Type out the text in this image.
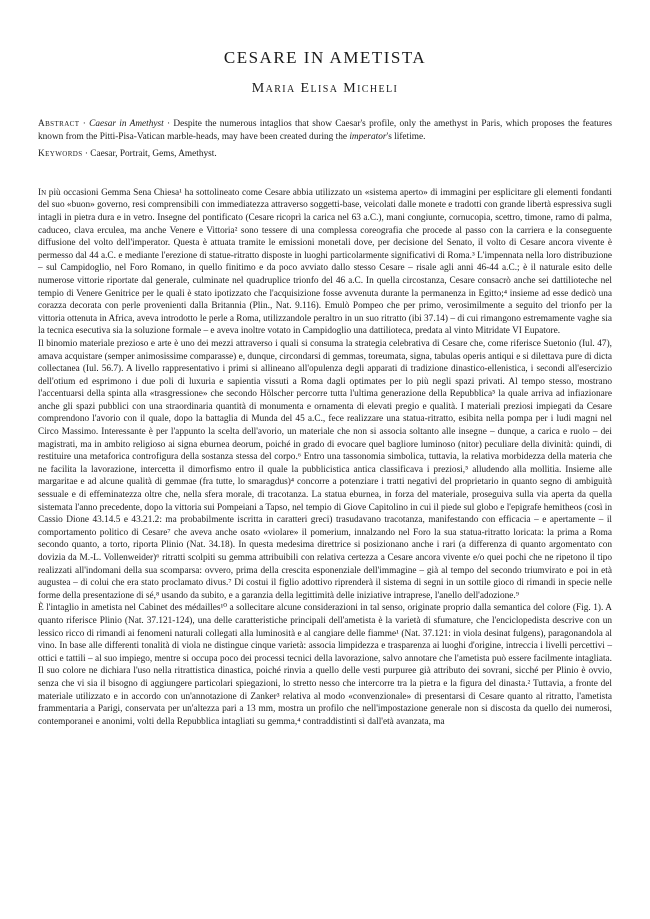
CESARE IN AMETISTA
Maria Elisa Micheli
Abstract · Caesar in Amethyst · Despite the numerous intaglios that show Caesar's profile, only the amethyst in Paris, which proposes the features known from the Pitti-Pisa-Vatican marble-heads, may have been created during the imperator's lifetime.
Keywords · Caesar, Portrait, Gems, Amethyst.

In più occasioni Gemma Sena Chiesa¹ ha sottolineato come Cesare abbia utilizzato un «sistema aperto» di immagini per esplicitare gli elementi fondanti del suo «buon» governo, resi comprensibili con immediatezza attraverso soggetti-base, veicolati dalle monete e tradotti con grande libertà espressiva sugli intagli in pietra dura e in vetro. Insegne del pontificato (Cesare ricoprì la carica nel 63 a.C.), mani congiunte, cornucopia, scettro, timone, ramo di palma, caduceo, clava erculea, ma anche Venere e Vittoria² sono tessere di una complessa coreografia che procede al passo con la carriera e la conseguente diffusione del volto dell'imperator. Questa è attuata tramite le emissioni monetali dove, per decisione del Senato, il volto di Cesare ancora vivente è permesso dal 44 a.C. e mediante l'erezione di statue-ritratto disposte in luoghi particolarmente significativi di Roma.³ L'impennata nella loro distribuzione – sul Campidoglio, nel Foro Romano, in quello finitimo e da poco avviato dallo stesso Cesare – risale agli anni 46-44 a.C.; è il naturale esito delle numerose vittorie riportate dal generale, culminate nel quadruplice trionfo del 46 a.C. In quella circostanza, Cesare consacrò anche sei dattilioteche nel tempio di Venere Genitrice per le quali è stato ipotizzato che l'acquisizione fosse avvenuta durante la permanenza in Egitto;⁴ insieme ad esse dedicò una corazza decorata con perle provenienti dalla Britannia (Plin., Nat. 9.116). Emulò Pompeo che per primo, verosimilmente a seguito del trionfo per la vittoria ottenuta in Africa, aveva introdotto le perle a Roma, utilizzandole peraltro in un suo ritratto (ibi 37.14) – di cui rimangono estremamente vaghe sia la tecnica esecutiva sia la soluzione formale – e aveva inoltre votato in Campidoglio una dattilioteca, predata al vinto Mitridate VI Eupatore.

Il binomio materiale prezioso e arte è uno dei mezzi attraverso i quali si consuma la strategia celebrativa di Cesare che, come riferisce Suetonio (Iul. 47), amava acquistare (semper animosissime comparasse) e, dunque, circondarsi di gemmas, toreumata, signa, tabulas operis antiqui e si dilettava pure di dicta collectanea (Iul. 56.7). A livello rappresentativo i primi si allineano all'opulenza degli apparati di tradizione dinastico-ellenistica, i secondi all'esercizio dell'otium ed esprimono i due poli di luxuria e sapientia vissuti a Roma dagli optimates per lo più negli spazi privati. Al tempo stesso, mostrano l'accentuarsi della spinta alla «trasgressione» che secondo Hölscher percorre tutta l'ultima generazione della Repubblica⁵ la quale arriva ad infiazionare anche gli spazi pubblici con una straordinaria quantità di monumenta e ornamenta di elevati pregio e qualità. I materiali preziosi impiegati da Cesare comprendono l'avorio con il quale, dopo la battaglia di Munda del 45 a.C., fece realizzare una statua-ritratto, esibita nella pompa per i ludi magni nel Circo Massimo. Interessante è per l'appunto la scelta dell'avorio, un materiale che non si associa soltanto alle insegne – dunque, a carica e ruolo – dei magistrati, ma in ambito religioso ai signa eburnea deorum, poiché in grado di evocare quel bagliore luminoso (nitor) peculiare della divinità: quindi, di restituire una metaforica controfigura della sostanza stessa del corpo.⁶ Entro una tassonomia simbolica, tuttavia, la relativa morbidezza della materia che ne facilita la lavorazione, intercetta il dimorfismo entro il quale la pubblicistica antica classificava i preziosi,⁵ alludendo alla mollitia. Insieme alle margaritae e ad alcune qualità di gemmae (fra tutte, lo smaragdus)⁴ concorre a potenziare i tratti negativi del proprietario in quanto segno di ambiguità sessuale e di effeminatezza oltre che, nella sfera morale, di tracotanza. La statua eburnea, in forza del materiale, proseguiva sulla via aperta da quella sistemata l'anno precedente, dopo la vittoria sui Pompeiani a Tapso, nel tempio di Giove Capitolino in cui il piede sul globo e l'epigrafe hemitheos (così in Cassio Dione 43.14.5 e 43.21.2: ma probabilmente iscritta in caratteri greci) trasudavano tracotanza, manifestando con efficacia – e apertamente – il comportamento politico di Cesare⁷ che aveva anche osato «violare» il pomerium, innalzando nel Foro la sua statua-ritratto loricata: la prima a Roma secondo quanto, a torto, riporta Plinio (Nat. 34.18). In questa medesima direttrice si posizionano anche i rari (a differenza di quanto argomentato con dovizia da M.-L. Vollenweider)⁶ ritratti scolpiti su gemma attribuibili con relativa certezza a Cesare ancora vivente e/o quei pochi che ne ripetono il tipo realizzati all'indomani della sua scomparsa: ovvero, prima della crescita esponenziale dell'immagine – già al tempo del secondo triumvirato e poi in età augustea – di colui che era stato proclamato divus.⁷ Di costui il figlio adottivo riprenderà il sistema di segni in un sottile gioco di rimandi in specie nelle forme della presentazione di sé,⁸ usando da subito, e a garanzia della legittimità delle iniziative intraprese, l'anello dell'adozione.⁹

È l'intaglio in ametista nel Cabinet des médailles¹⁰ a sollecitare alcune considerazioni in tal senso, originate proprio dalla semantica del colore (Fig. 1). A quanto riferisce Plinio (Nat. 37.121-124), una delle caratteristiche principali dell'ametista è la varietà di sfumature, che l'enciclopedista descrive con un lessico ricco di rimandi ai fenomeni naturali collegati alla luminosità e al cangiare delle fiamme¹ (Nat. 37.121: in viola desinat fulgens), paragonandola al vino. In base alle differenti tonalità di viola ne distingue cinque varietà: associa limpidezza e trasparenza ai luoghi d'origine, intreccia i livelli percettivi – ottici e tattili – al suo impiego, mentre si occupa poco dei processi tecnici della lavorazione, salvo annotare che l'ametista può essere facilmente intagliata. Il suo colore ne dichiara l'uso nella ritrattistica dinastica, poiché rinvia a quello delle vesti purpuree già attributo dei sovrani, sicché per Plinio è ovvio, senza che vi sia il bisogno di aggiungere particolari spiegazioni, lo stretto nesso che intercorre tra la pietra e la figura del dinasta.² Tuttavia, a fronte del materiale utilizzato e in accordo con un'annotazione di Zanker³ relativa al modo «convenzionale» di presentarsi di Cesare quanto al ritratto, l'ametista frammentaria a Parigi, conservata per un'altezza pari a 13 mm, mostra un profilo che nell'impostazione generale non si discosta da quello dei numerosi, contemporanei e anonimi, volti della Repubblica intagliati su gemma,⁴ contraddistinti sì dall'età avanzata, ma
